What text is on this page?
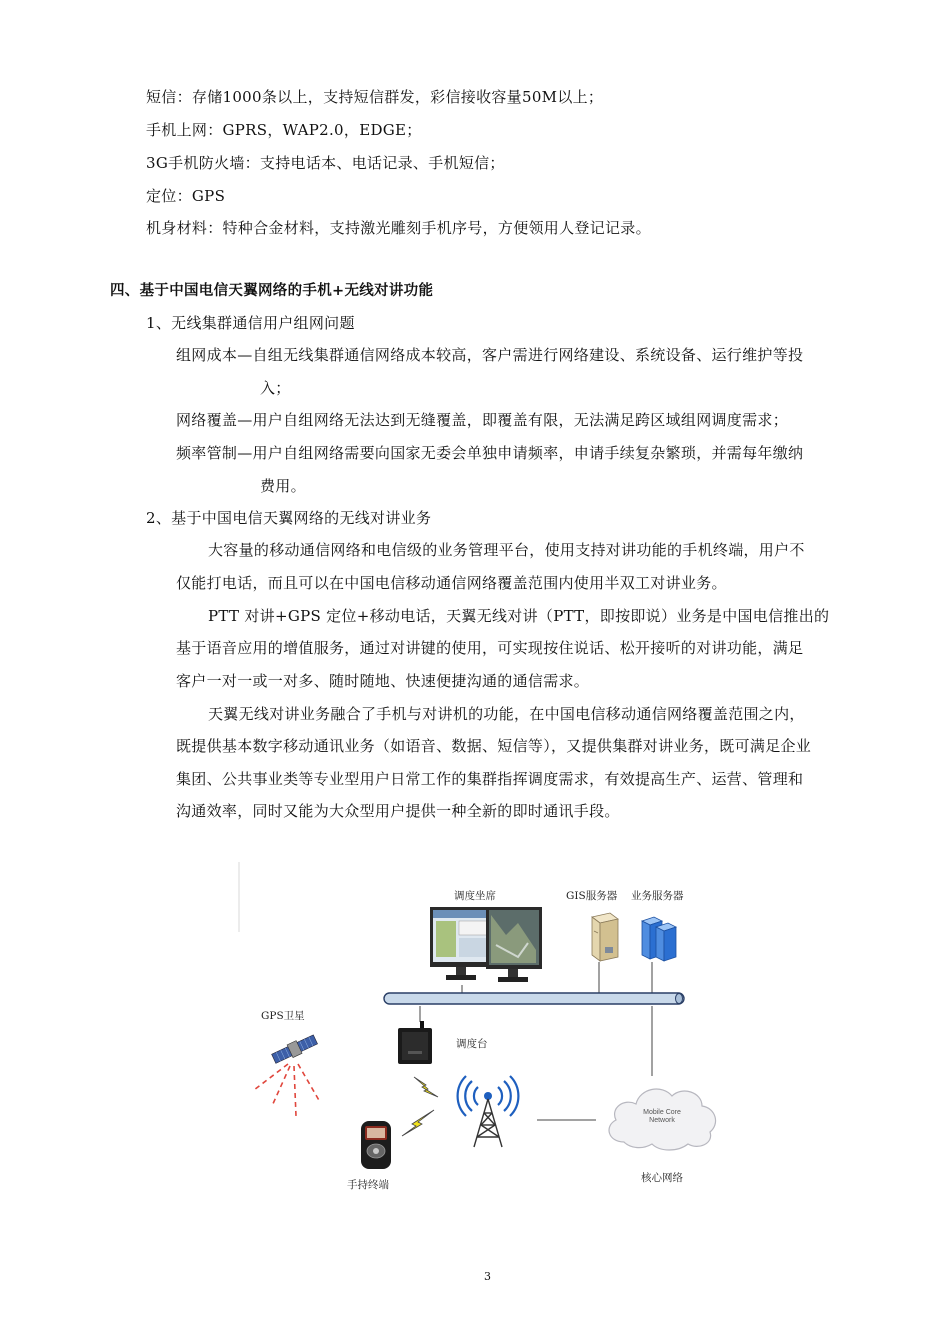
短信：存储1000条以上，支持短信群发，彩信接收容量50M以上；
手机上网：GPRS，WAP2.0，EDGE；
3G手机防火墙：支持电话本、电话记录、手机短信；
定位：GPS
机身材料：特种合金材料，支持激光雕刻手机序号，方便领用人登记记录。
四、基于中国电信天翼网络的手机+无线对讲功能
1、无线集群通信用户组网问题
组网成本—自组无线集群通信网络成本较高，客户需进行网络建设、系统设备、运行维护等投
入；
网络覆盖—用户自组网络无法达到无缝覆盖，即覆盖有限，无法满足跨区域组网调度需求；
频率管制—用户自组网络需要向国家无委会单独申请频率，申请手续复杂繁琐，并需每年缴纳
费用。
2、基于中国电信天翼网络的无线对讲业务
大容量的移动通信网络和电信级的业务管理平台，使用支持对讲功能的手机终端，用户不
仅能打电话，而且可以在中国电信移动通信网络覆盖范围内使用半双工对讲业务。
PTT 对讲+GPS 定位+移动电话，天翼无线对讲（PTT，即按即说）业务是中国电信推出的
基于语音应用的增值服务，通过对讲键的使用，可实现按住说话、松开接听的对讲功能，满足
客户一对一或一对多、随时随地、快速便捷沟通的通信需求。
天翼无线对讲业务融合了手机与对讲机的功能，在中国电信移动通信网络覆盖范围之内，
既提供基本数字移动通讯业务（如语音、数据、短信等），又提供集群对讲业务，既可满足企业
集团、公共事业类等专业型用户日常工作的集群指挥调度需求，有效提高生产、运营、管理和
沟通效率，同时又能为大众型用户提供一种全新的即时通讯手段。
调度坐席	GIS服务器 业务服务器
GPS卫星
调度台
Mobile Core
Network
手持终端
核心网络
3
